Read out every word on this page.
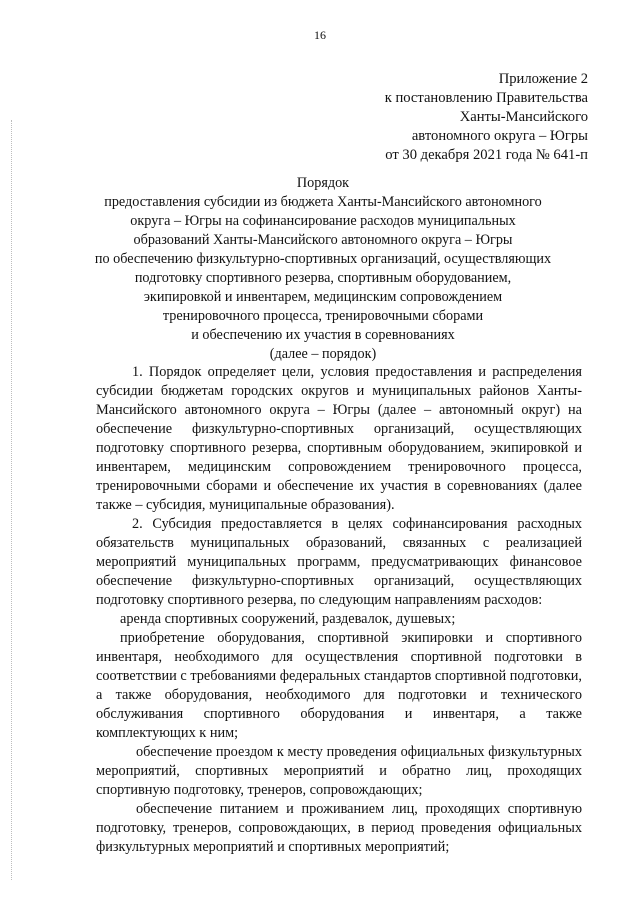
16
Приложение 2
к постановлению Правительства
Ханты-Мансийского
автономного округа – Югры
от 30 декабря 2021 года № 641-п
Порядок
предоставления субсидии из бюджета Ханты-Мансийского автономного
округа – Югры на софинансирование расходов муниципальных
образований Ханты-Мансийского автономного округа – Югры
по обеспечению физкультурно-спортивных организаций, осуществляющих
подготовку спортивного резерва, спортивным оборудованием,
экипировкой и инвентарем, медицинским сопровождением
тренировочного процесса, тренировочными сборами
и обеспечению их участия в соревнованиях
(далее – порядок)

1. Порядок определяет цели, условия предоставления и распределения субсидии бюджетам городских округов и муниципальных районов Ханты-Мансийского автономного округа – Югры (далее – автономный округ) на обеспечение физкультурно-спортивных организаций, осуществляющих подготовку спортивного резерва, спортивным оборудованием, экипировкой и инвентарем, медицинским сопровождением тренировочного процесса, тренировочными сборами и обеспечение их участия в соревнованиях (далее также – субсидия, муниципальные образования).

2. Субсидия предоставляется в целях софинансирования расходных обязательств муниципальных образований, связанных с реализацией мероприятий муниципальных программ, предусматривающих финансовое обеспечение физкультурно-спортивных организаций, осуществляющих подготовку спортивного резерва, по следующим направлениям расходов:

аренда спортивных сооружений, раздевалок, душевых;

приобретение оборудования, спортивной экипировки и спортивного инвентаря, необходимого для осуществления спортивной подготовки в соответствии с требованиями федеральных стандартов спортивной подготовки, а также оборудования, необходимого для подготовки и технического обслуживания спортивного оборудования и инвентаря, а также комплектующих к ним;

обеспечение проездом к месту проведения официальных физкультурных мероприятий, спортивных мероприятий и обратно лиц, проходящих спортивную подготовку, тренеров, сопровождающих;

обеспечение питанием и проживанием лиц, проходящих спортивную подготовку, тренеров, сопровождающих, в период проведения официальных физкультурных мероприятий и спортивных мероприятий;
